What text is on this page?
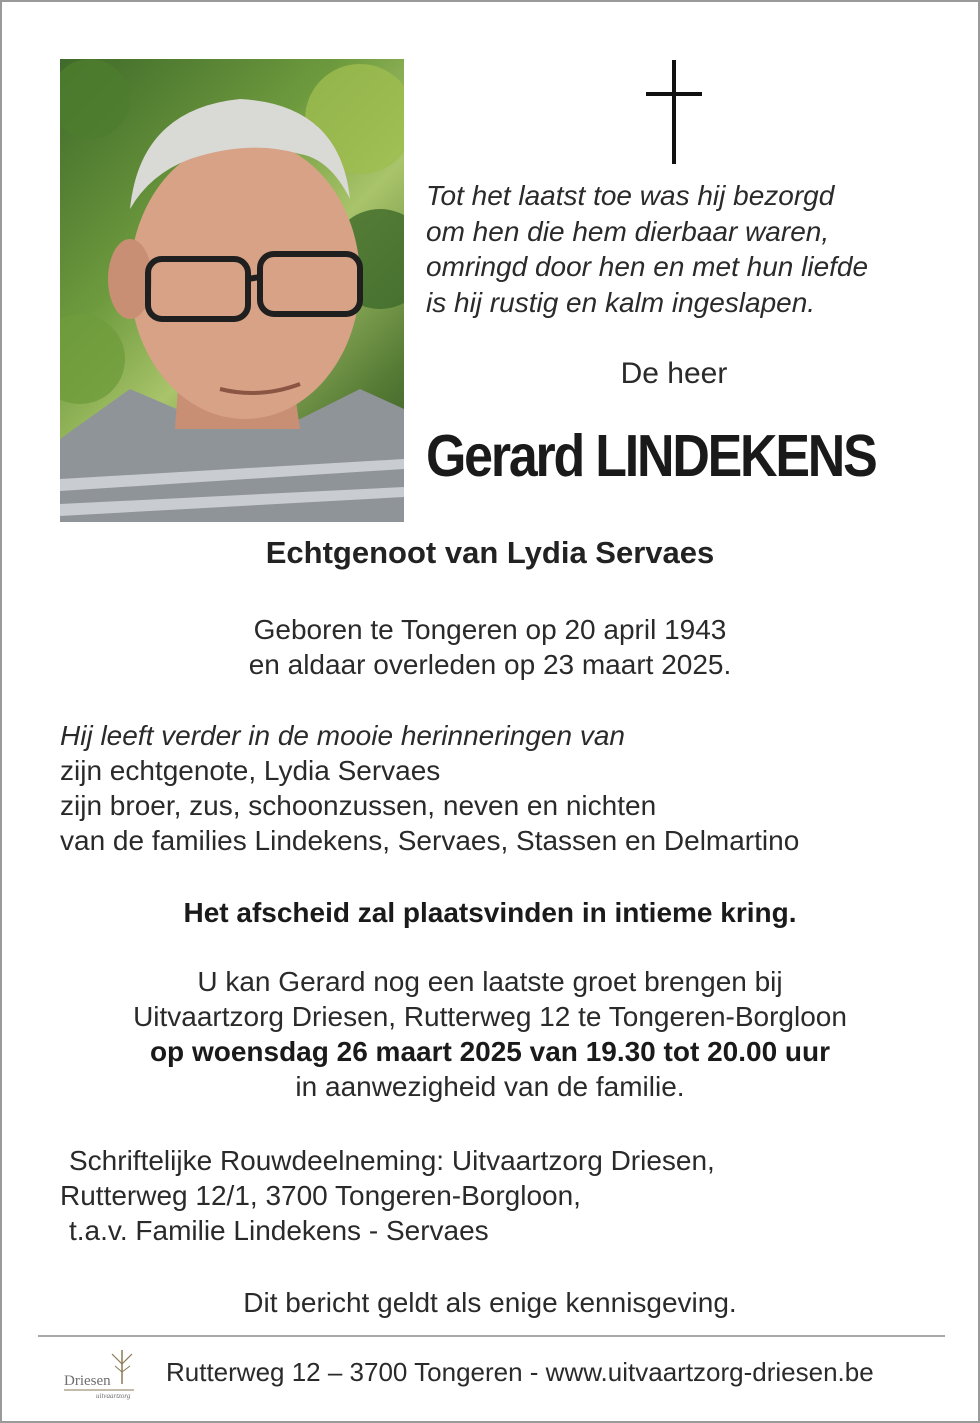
Tot het laatst toe was hij bezorgd
om hen die hem dierbaar waren,
omringd door hen en met hun liefde
is hij rustig en kalm ingeslapen.
De heer
Gerard LINDEKENS
Echtgenoot van Lydia Servaes
Geboren te Tongeren op 20 april 1943
en aldaar overleden op 23 maart 2025.
Hij leeft verder in de mooie herinneringen van
zijn echtgenote, Lydia Servaes
zijn broer, zus, schoonzussen, neven en nichten
van de families Lindekens, Servaes, Stassen en Delmartino
Het afscheid zal plaatsvinden in intieme kring.
U kan Gerard nog een laatste groet brengen bij
Uitvaartzorg Driesen, Rutterweg 12 te Tongeren-Borgloon
op woensdag 26 maart 2025 van 19.30 tot 20.00 uur
in aanwezigheid van de familie.
Schriftelijke Rouwdeelneming: Uitvaartzorg Driesen,
Rutterweg 12/1, 3700 Tongeren-Borgloon,
t.a.v. Familie Lindekens - Servaes
Dit bericht geldt als enige kennisgeving.
Driesen
uitvaartzorg
Rutterweg 12 – 3700 Tongeren - www.uitvaartzorg-driesen.be
